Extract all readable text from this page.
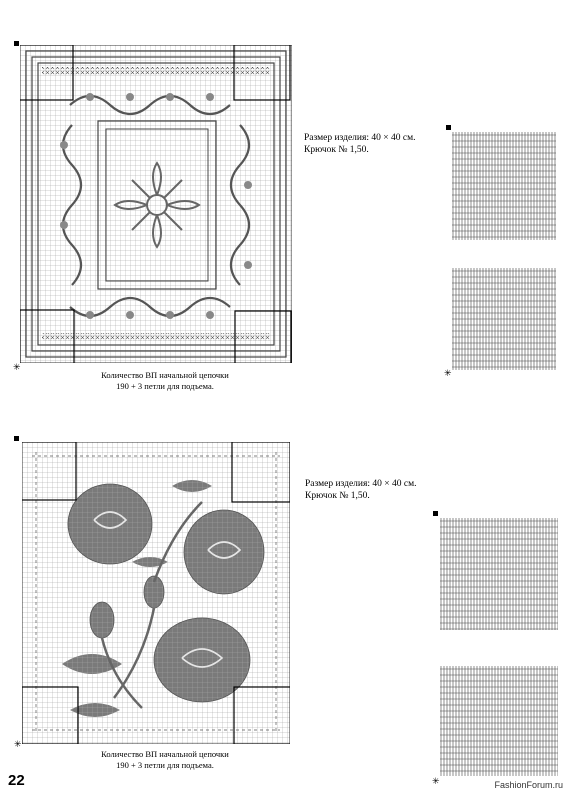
✳
Количество ВП начальной цепочки
190 + 3 петли для подъема.
Размер изделия: 40 × 40 см.
Крючок № 1,50.
✳
✳
Количество ВП начальной цепочки
190 + 3 петли для подъема.
Размер изделия: 40 × 40 см.
Крючок № 1,50.
✳
22	FashionForum.ru
